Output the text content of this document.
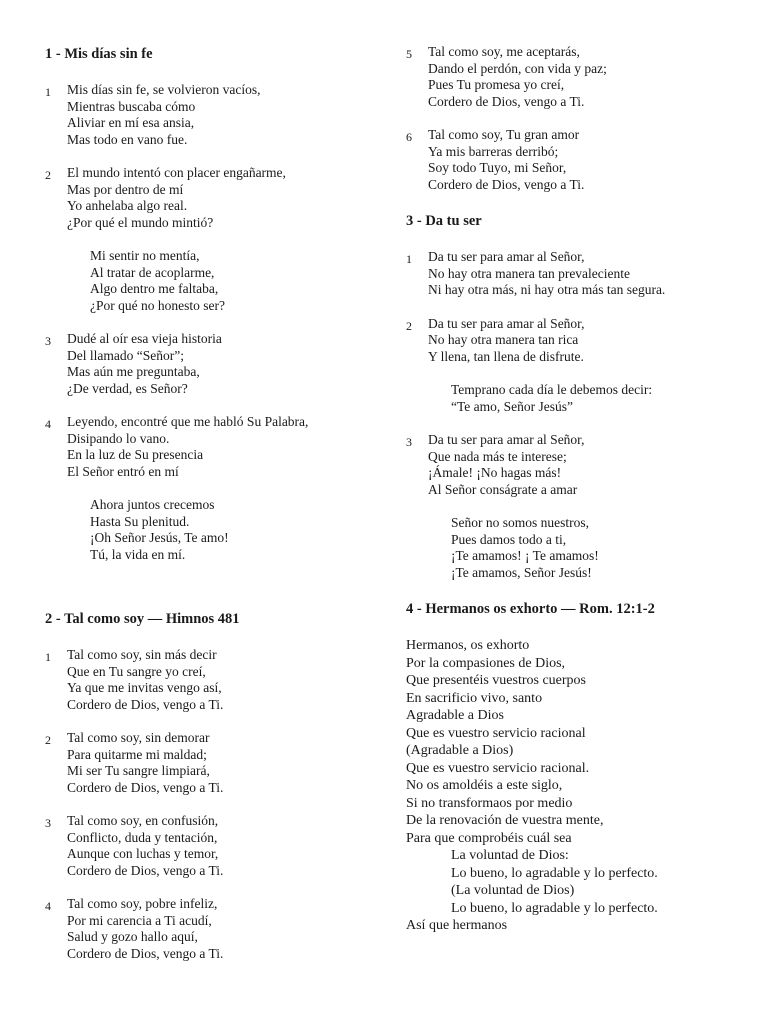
1 - Mis días sin fe
1 Mis días sin fe, se volvieron vacíos,
Mientras buscaba cómo
Aliviar en mí esa ansia,
Mas todo en vano fue.
2 El mundo intentó con placer engañarme,
Mas por dentro de mí
Yo anhelaba algo real.
¿Por qué el mundo mintió?
Mi sentir no mentía,
Al tratar de acoplarme,
Algo dentro me faltaba,
¿Por qué no honesto ser?
3 Dudé al oír esa vieja historia
Del llamado “Señor”;
Mas aún me preguntaba,
¿De verdad, es Señor?
4 Leyendo, encontré que me habló Su Palabra,
Disipando lo vano.
En la luz de Su presencia
El Señor entró en mí
Ahora juntos crecemos
Hasta Su plenitud.
¡Oh Señor Jesús, Te amo!
Tú, la vida en mí.
2 - Tal como soy — Himnos 481
1 Tal como soy, sin más decir
Que en Tu sangre yo creí,
Ya que me invitas vengo así,
Cordero de Dios, vengo a Ti.
2 Tal como soy, sin demorar
Para quitarme mi maldad;
Mi ser Tu sangre limpiará,
Cordero de Dios, vengo a Ti.
3 Tal como soy, en confusión,
Conflicto, duda y tentación,
Aunque con luchas y temor,
Cordero de Dios, vengo a Ti.
4 Tal como soy, pobre infeliz,
Por mi carencia a Ti acudí,
Salud y gozo hallo aquí,
Cordero de Dios, vengo a Ti.
5 Tal como soy, me aceptarás,
Dando el perdón, con vida y paz;
Pues Tu promesa yo creí,
Cordero de Dios, vengo a Ti.
6 Tal como soy, Tu gran amor
Ya mis barreras derribó;
Soy todo Tuyo, mi Señor,
Cordero de Dios, vengo a Ti.
3 - Da tu ser
1 Da tu ser para amar al Señor,
No hay otra manera tan prevaleciente
Ni hay otra más, ni hay otra más tan segura.
2 Da tu ser para amar al Señor,
No hay otra manera tan rica
Y llena, tan llena de disfrute.
Temprano cada día le debemos decir:
“Te amo, Señor Jesús”
3 Da tu ser para amar al Señor,
Que nada más te interese;
¡Ámale! ¡No hagas más!
Al Señor conságrate a amar
Señor no somos nuestros,
Pues damos todo a ti,
¡Te amamos! ¡ Te amamos!
¡Te amamos, Señor Jesús!
4 - Hermanos os exhorto — Rom. 12:1-2
Hermanos, os exhorto
Por la compasiones de Dios,
Que presentéis vuestros cuerpos
En sacrificio vivo, santo
Agradable a Dios
Que es vuestro servicio racional
(Agradable a Dios)
Que es vuestro servicio racional.
No os amoldéis a este siglo,
Si no transformaos por medio
De la renovación de vuestra mente,
Para que comprobéis cuál sea
La voluntad de Dios:
Lo bueno, lo agradable y lo perfecto.
(La voluntad de Dios)
Lo bueno, lo agradable y lo perfecto.
Así que hermanos
